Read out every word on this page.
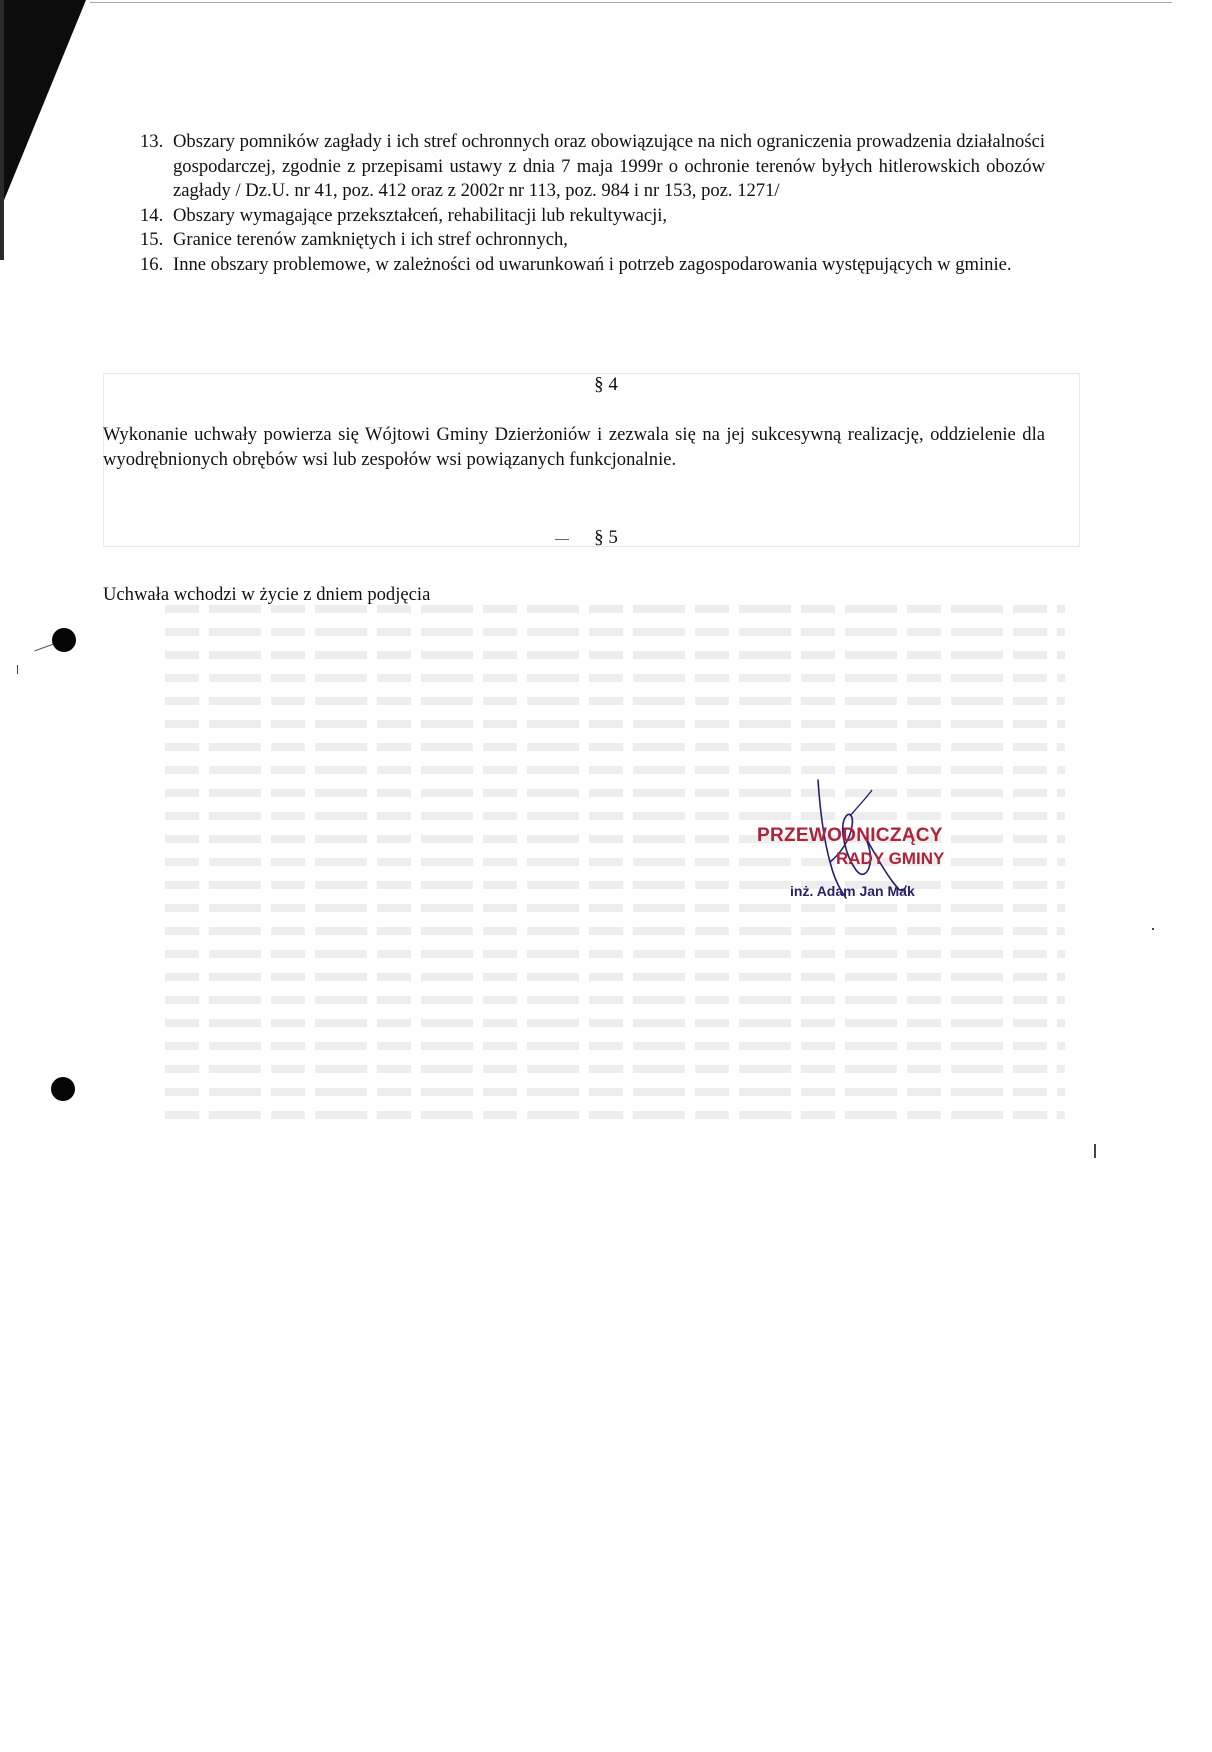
13. Obszary pomników zagłady i ich stref ochronnych oraz obowiązujące na nich ograniczenia prowadzenia działalności gospodarczej, zgodnie z przepisami ustawy z dnia 7 maja 1999r o ochronie terenów byłych hitlerowskich obozów zagłady / Dz.U. nr 41, poz. 412 oraz z 2002r nr 113, poz. 984 i nr 153, poz. 1271/
14. Obszary wymagające przekształceń, rehabilitacji lub rekultywacji,
15. Granice terenów zamkniętych i ich stref ochronnych,
16. Inne obszary problemowe, w zależności od uwarunkowań i potrzeb zagospodarowania występujących w gminie.
§ 4
Wykonanie uchwały powierza się Wójtowi Gminy Dzierżoniów i zezwala się na jej sukcesywną realizację, oddzielenie dla wyodrębnionych obrębów wsi lub zespołów wsi powiązanych funkcjonalnie.
§ 5
Uchwała wchodzi w życie z dniem podjęcia
PRZEWODNICZĄCY
RADY GMINY
inż. Adam Jan Mak
